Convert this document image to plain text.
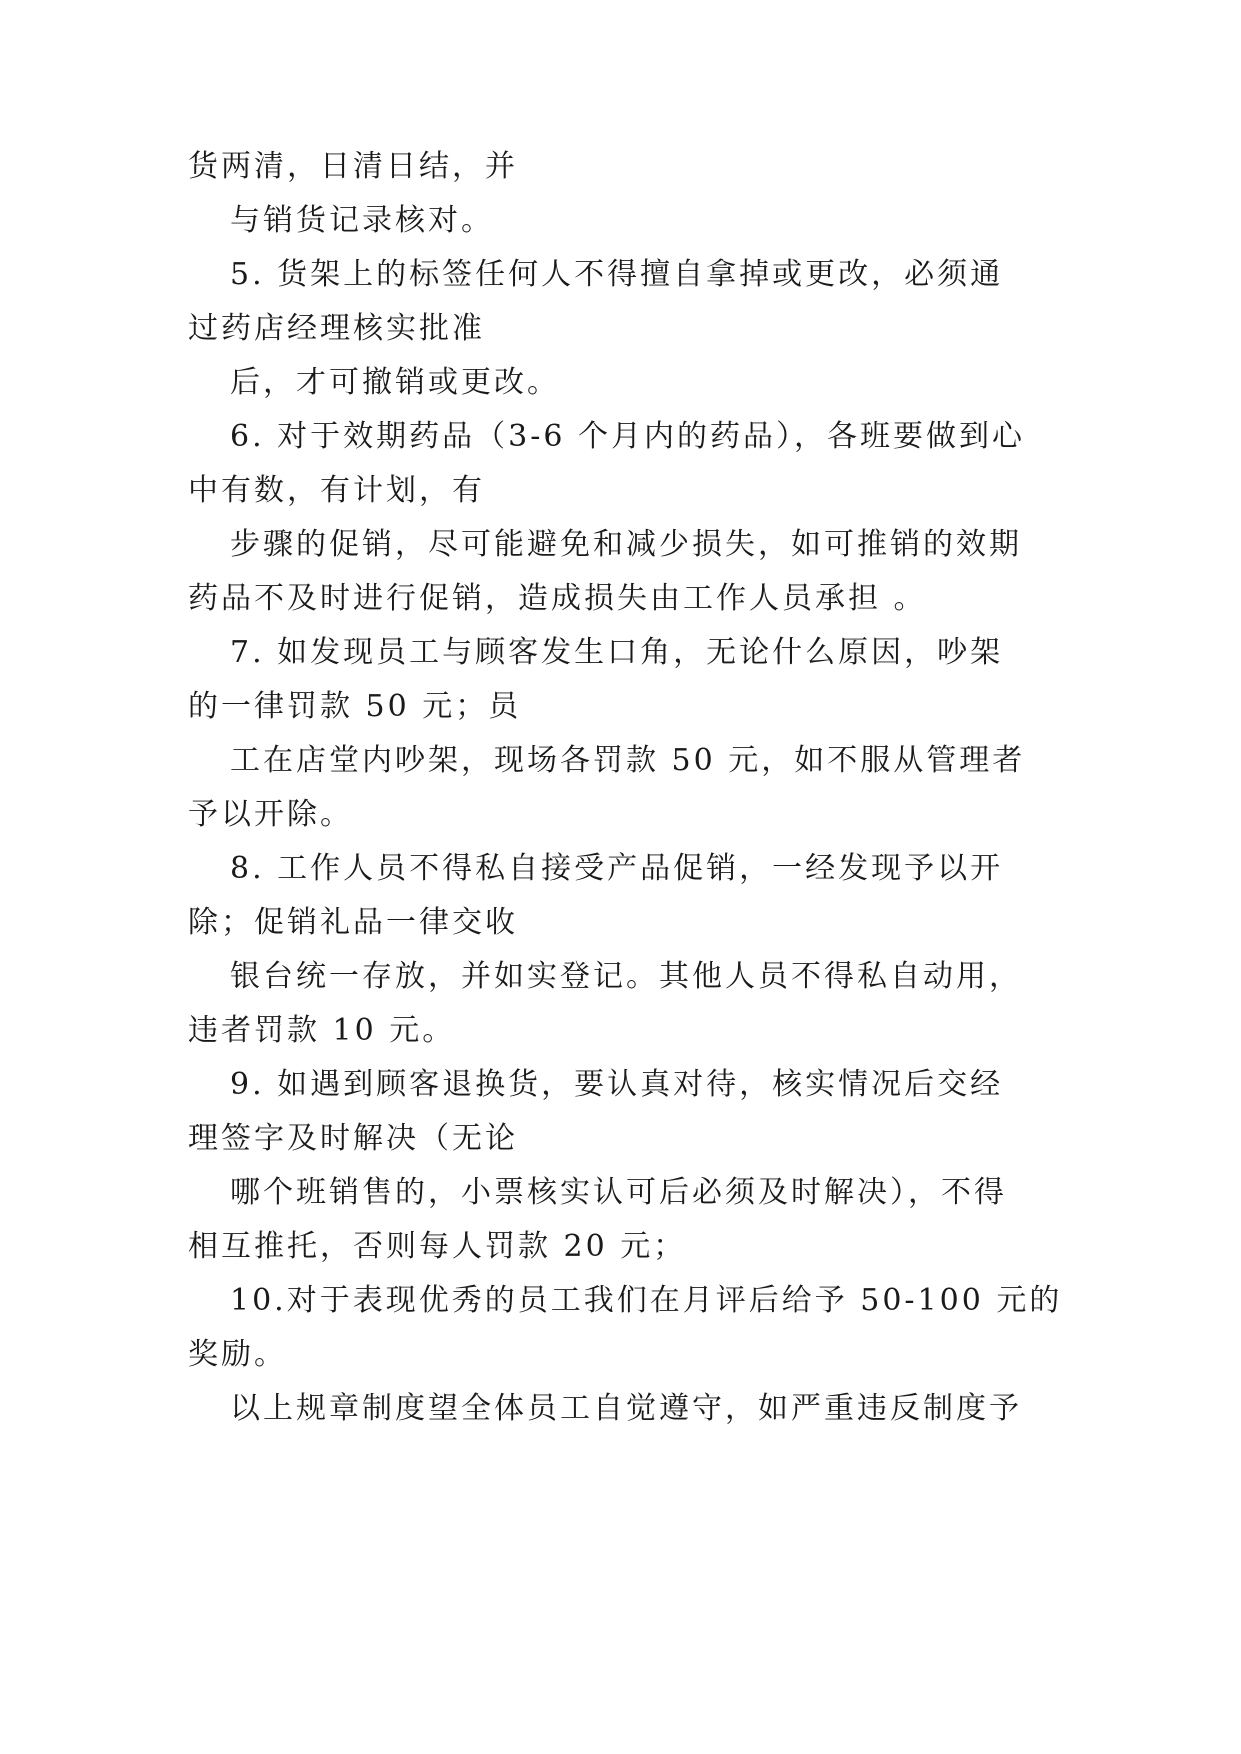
货两清，日清日结，并
与销货记录核对。
5. 货架上的标签任何人不得擅自拿掉或更改，必须通
过药店经理核实批准
后，才可撤销或更改。
6. 对于效期药品（3-6 个月内的药品），各班要做到心
中有数，有计划，有
步骤的促销，尽可能避免和减少损失，如可推销的效期
药品不及时进行促销，造成损失由工作人员承担 。
7. 如发现员工与顾客发生口角，无论什么原因，吵架
的一律罚款 50 元；员
工在店堂内吵架，现场各罚款 50 元，如不服从管理者
予以开除。
8. 工作人员不得私自接受产品促销，一经发现予以开
除；促销礼品一律交收
银台统一存放，并如实登记。其他人员不得私自动用，
违者罚款 10 元。
9. 如遇到顾客退换货，要认真对待，核实情况后交经
理签字及时解决（无论
哪个班销售的，小票核实认可后必须及时解决），不得
相互推托，否则每人罚款 20 元；
10.对于表现优秀的员工我们在月评后给予 50-100 元的
奖励。
以上规章制度望全体员工自觉遵守，如严重违反制度予
